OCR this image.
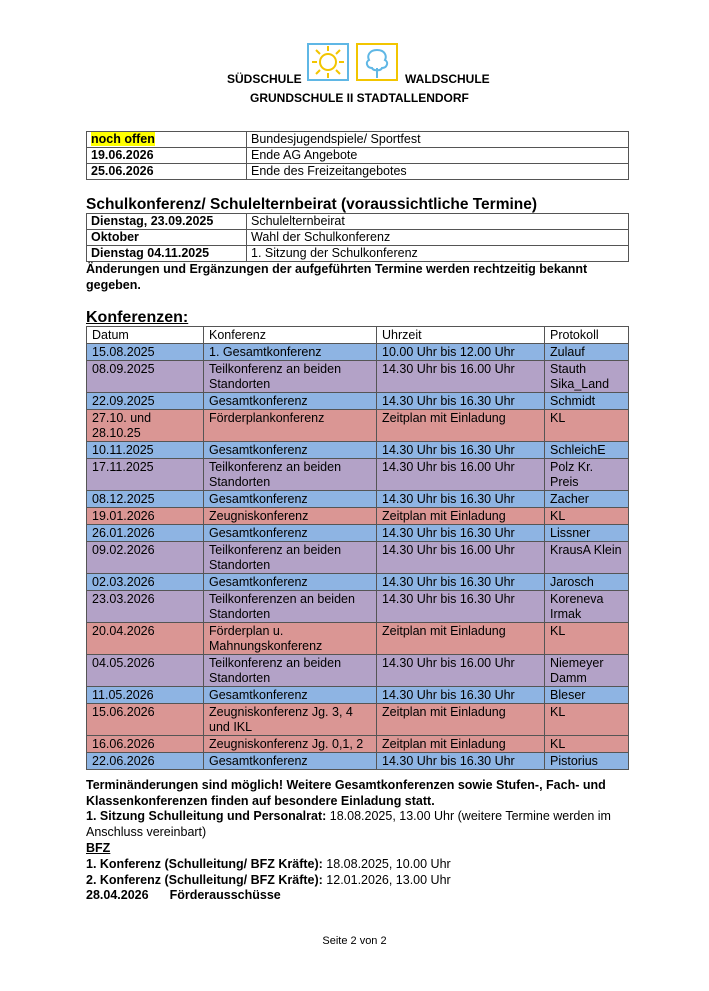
SÜDSCHULE	WALDSCHULE
GRUNDSCHULE II STADTALLENDORF
noch offen	Bundesjugendspiele/ Sportfest
19.06.2026	Ende AG Angebote
25.06.2026	Ende des Freizeitangebotes
Schulkonferenz/ Schulelternbeirat (voraussichtliche Termine)
Dienstag, 23.09.2025	Schulelternbeirat
Oktober	Wahl der Schulkonferenz
Dienstag 04.11.2025	1. Sitzung der Schulkonferenz
Änderungen und Ergänzungen der aufgeführten Termine werden rechtzeitig bekannt gegeben.
Konferenzen:
Datum	Konferenz	Uhrzeit	Protokoll
15.08.2025	1. Gesamtkonferenz	10.00 Uhr bis 12.00 Uhr	Zulauf
08.09.2025	Teilkonferenz an beiden Standorten	14.30 Uhr bis 16.00 Uhr	Stauth Sika_Land
22.09.2025	Gesamtkonferenz	14.30 Uhr bis 16.30 Uhr	Schmidt
27.10. und 28.10.25	Förderplankonferenz	Zeitplan mit Einladung	KL
10.11.2025	Gesamtkonferenz	14.30 Uhr bis 16.30 Uhr	SchleichE
17.11.2025	Teilkonferenz an beiden Standorten	14.30 Uhr bis 16.00 Uhr	Polz Kr. Preis
08.12.2025	Gesamtkonferenz	14.30 Uhr bis 16.30 Uhr	Zacher
19.01.2026	Zeugniskonferenz	Zeitplan mit Einladung	KL
26.01.2026	Gesamtkonferenz	14.30 Uhr bis 16.30 Uhr	Lissner
09.02.2026	Teilkonferenz an beiden Standorten	14.30 Uhr bis 16.00 Uhr	KrausA Klein
02.03.2026	Gesamtkonferenz	14.30 Uhr bis 16.30 Uhr	Jarosch
23.03.2026	Teilkonferenzen an beiden Standorten	14.30 Uhr bis 16.30 Uhr	Koreneva Irmak
20.04.2026	Förderplan u. Mahnungskonferenz	Zeitplan mit Einladung	KL
04.05.2026	Teilkonferenz an beiden Standorten	14.30 Uhr bis 16.00 Uhr	Niemeyer Damm
11.05.2026	Gesamtkonferenz	14.30 Uhr bis 16.30 Uhr	Bleser
15.06.2026	Zeugniskonferenz Jg. 3, 4 und IKL	Zeitplan mit Einladung	KL
16.06.2026	Zeugniskonferenz Jg. 0,1, 2	Zeitplan mit Einladung	KL
22.06.2026	Gesamtkonferenz	14.30 Uhr bis 16.30 Uhr	Pistorius
Terminänderungen sind möglich! Weitere Gesamtkonferenzen sowie Stufen-, Fach- und Klassenkonferenzen finden auf besondere Einladung statt.
1. Sitzung Schulleitung und Personalrat: 18.08.2025, 13.00 Uhr (weitere Termine werden im Anschluss vereinbart)
BFZ
1. Konferenz (Schulleitung/ BFZ Kräfte): 18.08.2025, 10.00 Uhr
2. Konferenz (Schulleitung/ BFZ Kräfte): 12.01.2026, 13.00 Uhr
28.04.2026 Förderausschüsse
Seite 2 von 2
